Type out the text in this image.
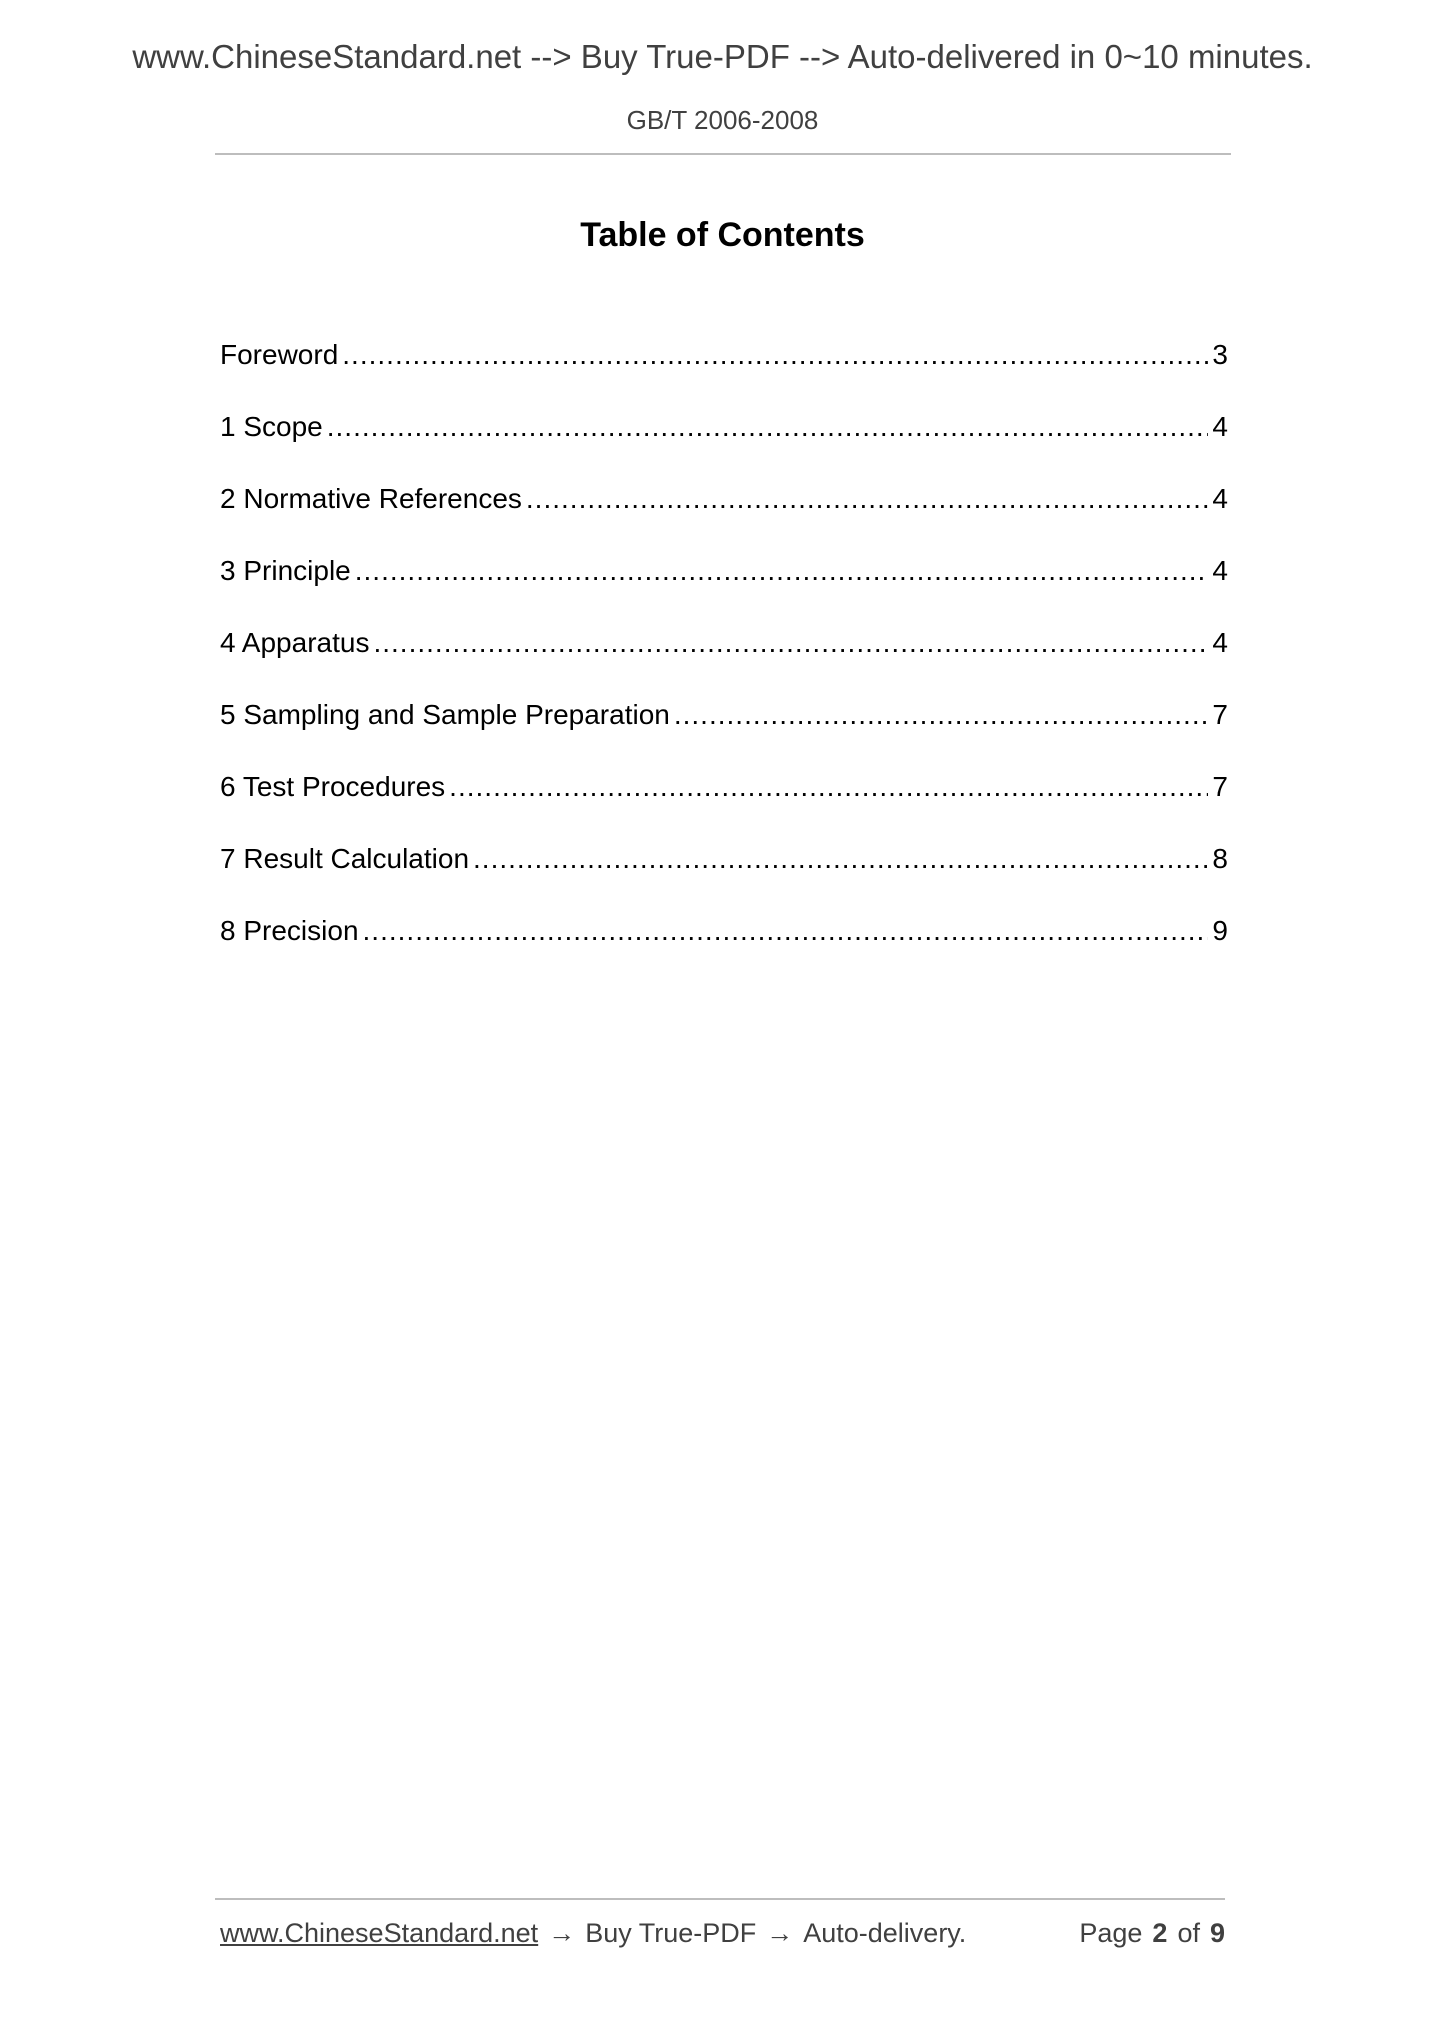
www.ChineseStandard.net --> Buy True-PDF --> Auto-delivered in 0~10 minutes.
GB/T 2006-2008
Table of Contents
Foreword .....	3
1 Scope .....	4
2 Normative References .....	4
3 Principle .....	4
4 Apparatus .....	4
5 Sampling and Sample Preparation .....	7
6 Test Procedures .....	7
7 Result Calculation .....	8
8 Precision .....	9
www.ChineseStandard.net → Buy True-PDF → Auto-delivery.	Page 2 of 9
